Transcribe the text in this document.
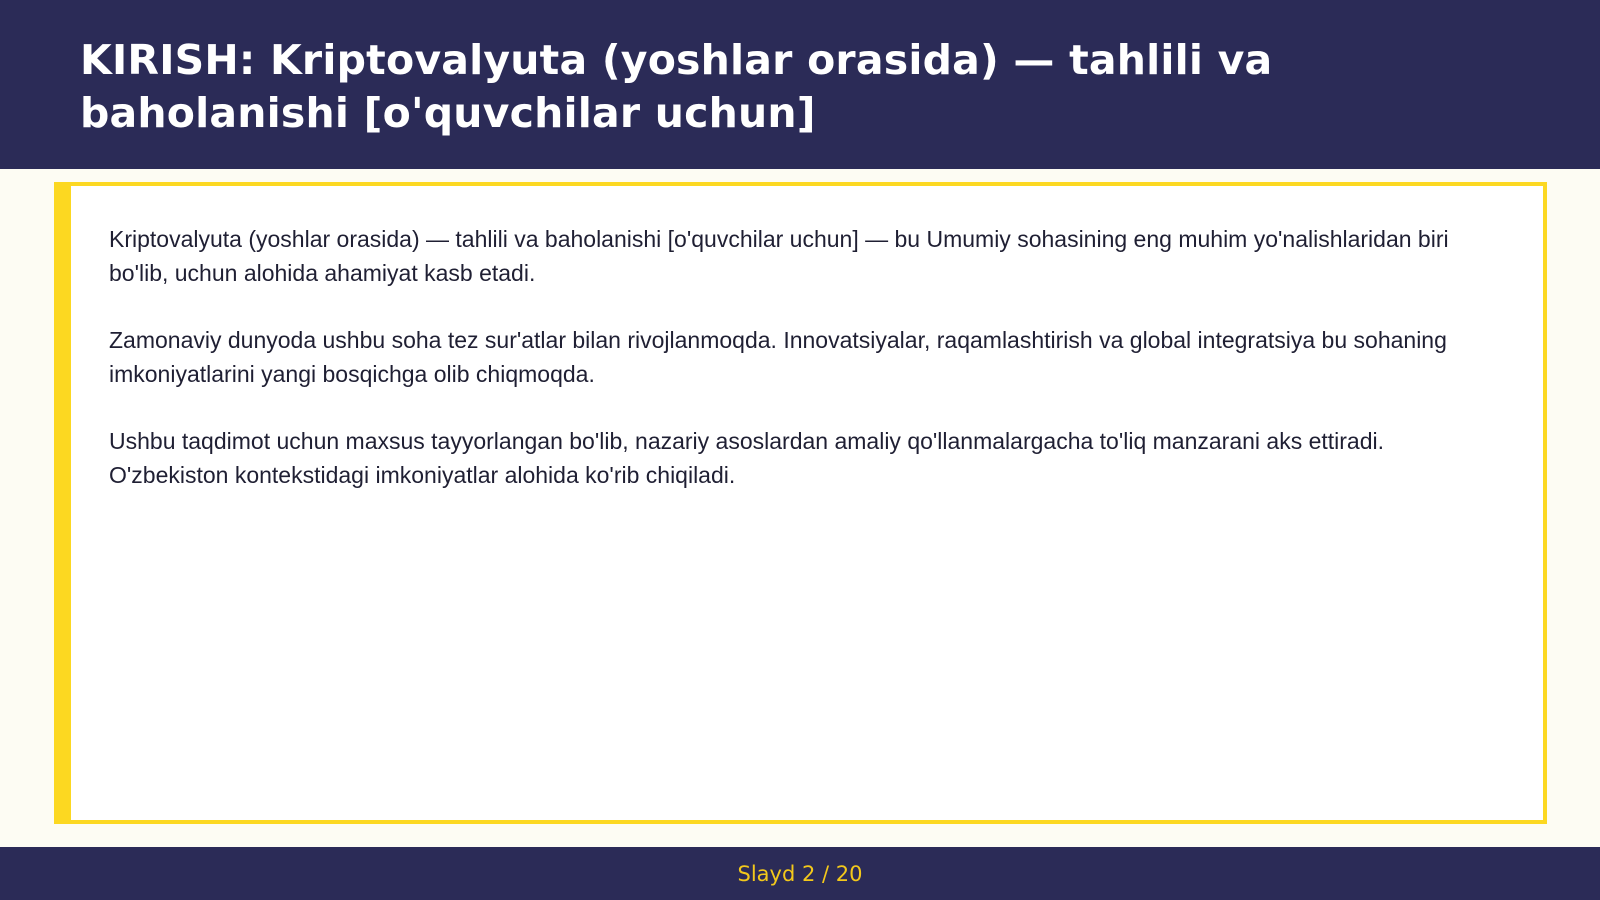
KIRISH: Kriptovalyuta (yoshlar orasida) — tahlili va baholanishi [o'quvchilar uchun]

Kriptovalyuta (yoshlar orasida) — tahlili va baholanishi [o'quvchilar uchun] — bu Umumiy sohasining eng muhim yo'nalishlaridan biri bo'lib, uchun alohida ahamiyat kasb etadi.

Zamonaviy dunyoda ushbu soha tez sur'atlar bilan rivojlanmoqda. Innovatsiyalar, raqamlashtirish va global integratsiya bu sohaning imkoniyatlarini yangi bosqichga olib chiqmoqda.

Ushbu taqdimot uchun maxsus tayyorlangan bo'lib, nazariy asoslardan amaliy qo'llanmalargacha to'liq manzarani aks ettiradi. O'zbekiston kontekstidagi imkoniyatlar alohida ko'rib chiqiladi.

Slayd 2 / 20
